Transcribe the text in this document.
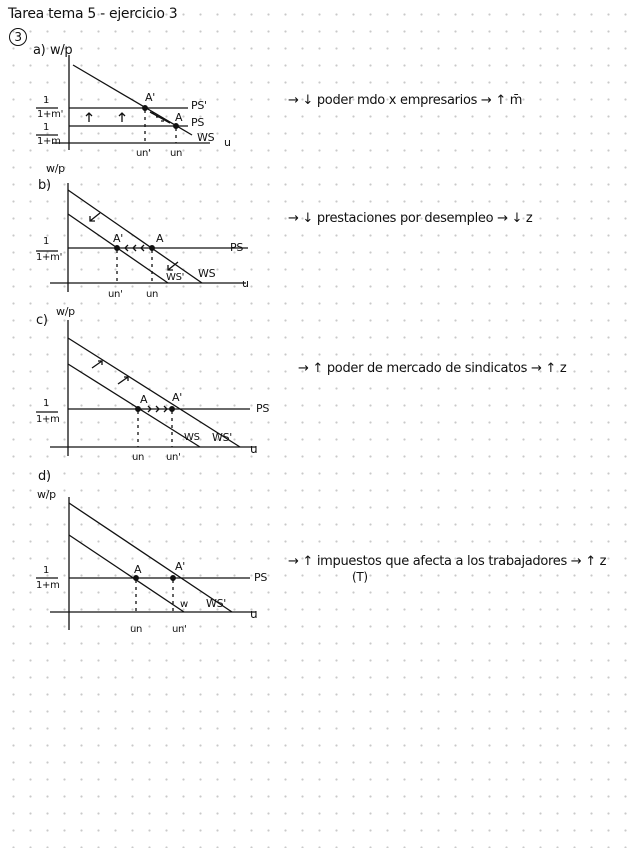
Tarea tema 5 - ejercicio 3
3
a) w/p
1
1+m'
1
1+m
PS'
PS
WS
A'
A
un' un
u
→ ↓ poder mdo x empresarios → ↑ m̄
w/p
b)
1
1+m'
PS
WS
WS'
A'	A
un' un
u
→ ↓ prestaciones por desempleo → ↓ z
c)
w/p
1
1+m
PS
WS WS'
A A'
un un'
u
→ ↑ poder de mercado de sindicatos → ↑ z
d)
w/p
1
1+m
PS
w WS'
A	A'
un	un'
u
→ ↑ impuestos que afecta a los trabajadores → ↑ z
(T)
